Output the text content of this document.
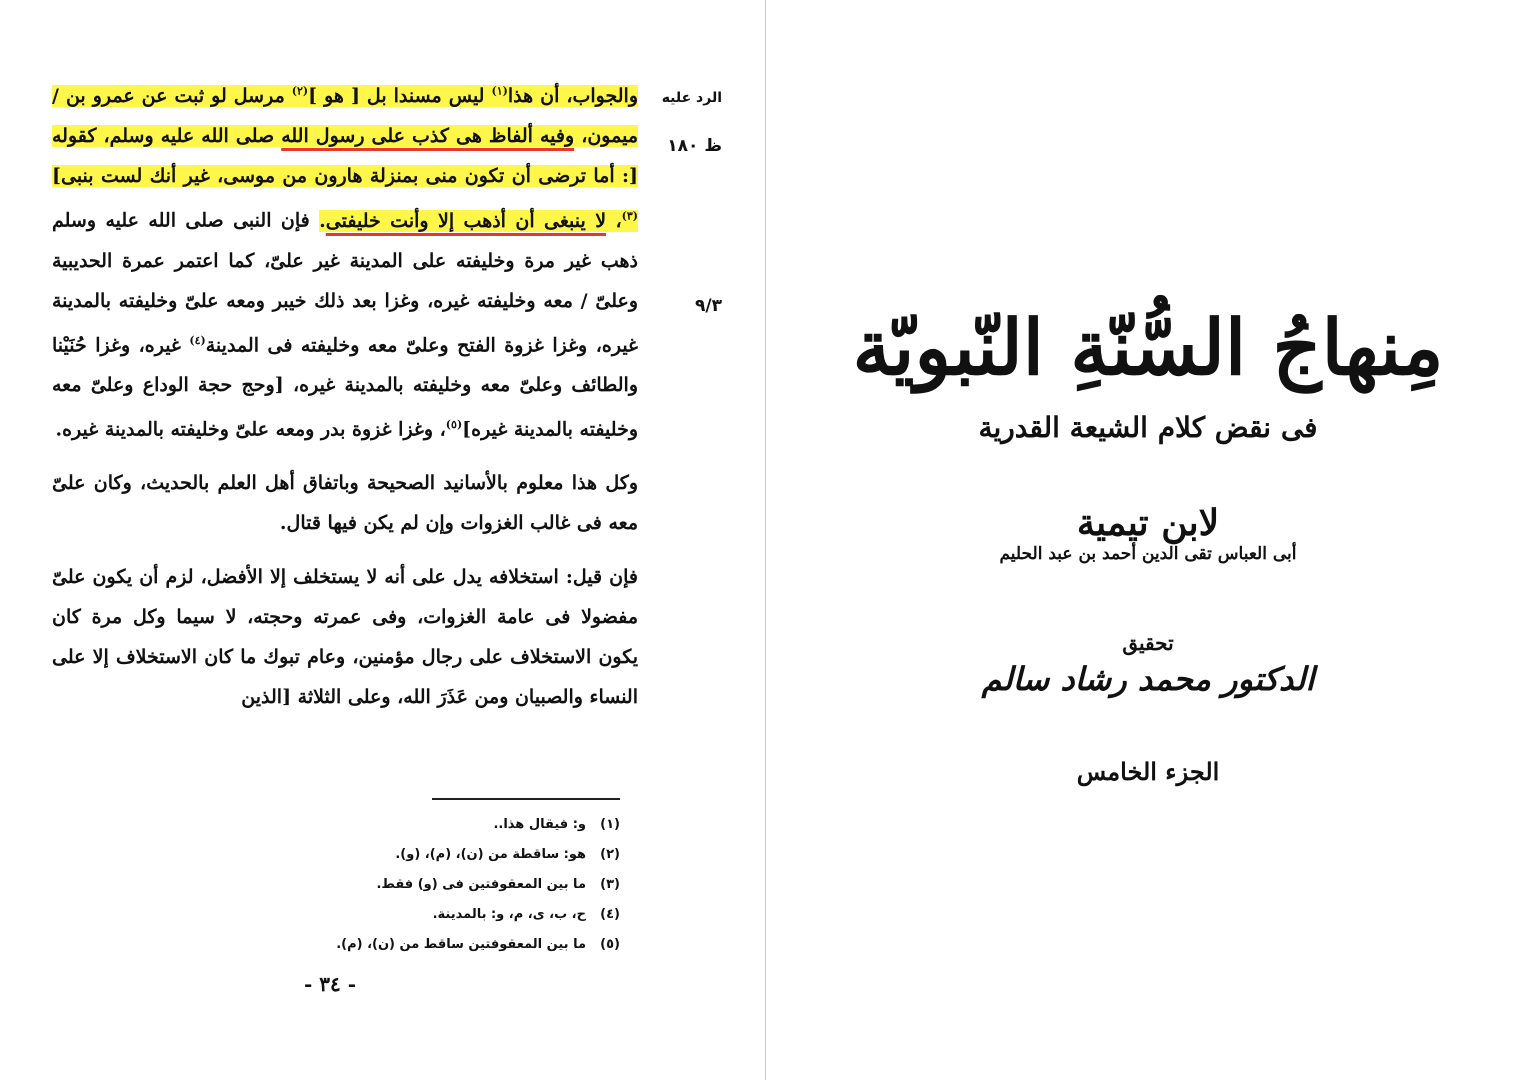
الرد عليه
ظ ١٨٠
٩/٣

والجواب، أن هذا$^{(١)}$ ليس مسندا بل [ هو ]$^{(٢)}$ مرسل لو ثبت عن عمرو بن / ميمون، وفيه ألفاظ هى كذب على رسول الله صلى الله عليه وسلم، كقوله [: أما ترضى أن تكون منى بمنزلة هارون من موسى، غير أنك لست بنبى]$^{(٣)}$، لا ينبغى أن أذهب إلا وأنت خليفتى. فإن النبى صلى الله عليه وسلم ذهب غير مرة وخليفته على المدينة غير علىّ، كما اعتمر عمرة الحديبية وعلىّ / معه وخليفته غيره، وغزا بعد ذلك خيبر ومعه علىّ وخليفته بالمدينة غيره، وغزا غزوة الفتح وعلىّ معه وخليفته فى المدينة$^{(٤)}$ غيره، وغزا حُنَيْنا والطائف وعلىّ معه وخليفته بالمدينة غيره، [وحج حجة الوداع وعلىّ معه وخليفته بالمدينة غيره]$^{(٥)}$، وغزا غزوة بدر ومعه علىّ وخليفته بالمدينة غيره.

وكل هذا معلوم بالأسانيد الصحيحة وباتفاق أهل العلم بالحديث، وكان علىّ معه فى غالب الغزوات وإن لم يكن فيها قتال.

فإن قيل: استخلافه يدل على أنه لا يستخلف إلا الأفضل، لزم أن يكون علىّ مفضولا فى عامة الغزوات، وفى عمرته وحجته، لا سيما وكل مرة كان يكون الاستخلاف على رجال مؤمنين، وعام تبوك ما كان الاستخلاف إلا على النساء والصبيان ومن عَذَرَ الله، وعلى الثلاثة [الذين

(١)و: فيقال هذا..
(٢)هو: ساقطة من (ن)، (م)، (و).
(٣)ما بين المعقوفتين فى (و) فقط.
(٤)ح، ب، ى، م، و: بالمدينة.
(٥)ما بين المعقوفتين ساقط من (ن)، (م).
- ٣٤ -
مِنهاجُ السُّنّةِ النّبويّة
فى نقض كلام الشيعة القدرية
لابن تيمية
أبى العباس تقى الدين أحمد بن عبد الحليم
تحقيق
الدكتور محمد رشاد سالم
الجزء الخامس
